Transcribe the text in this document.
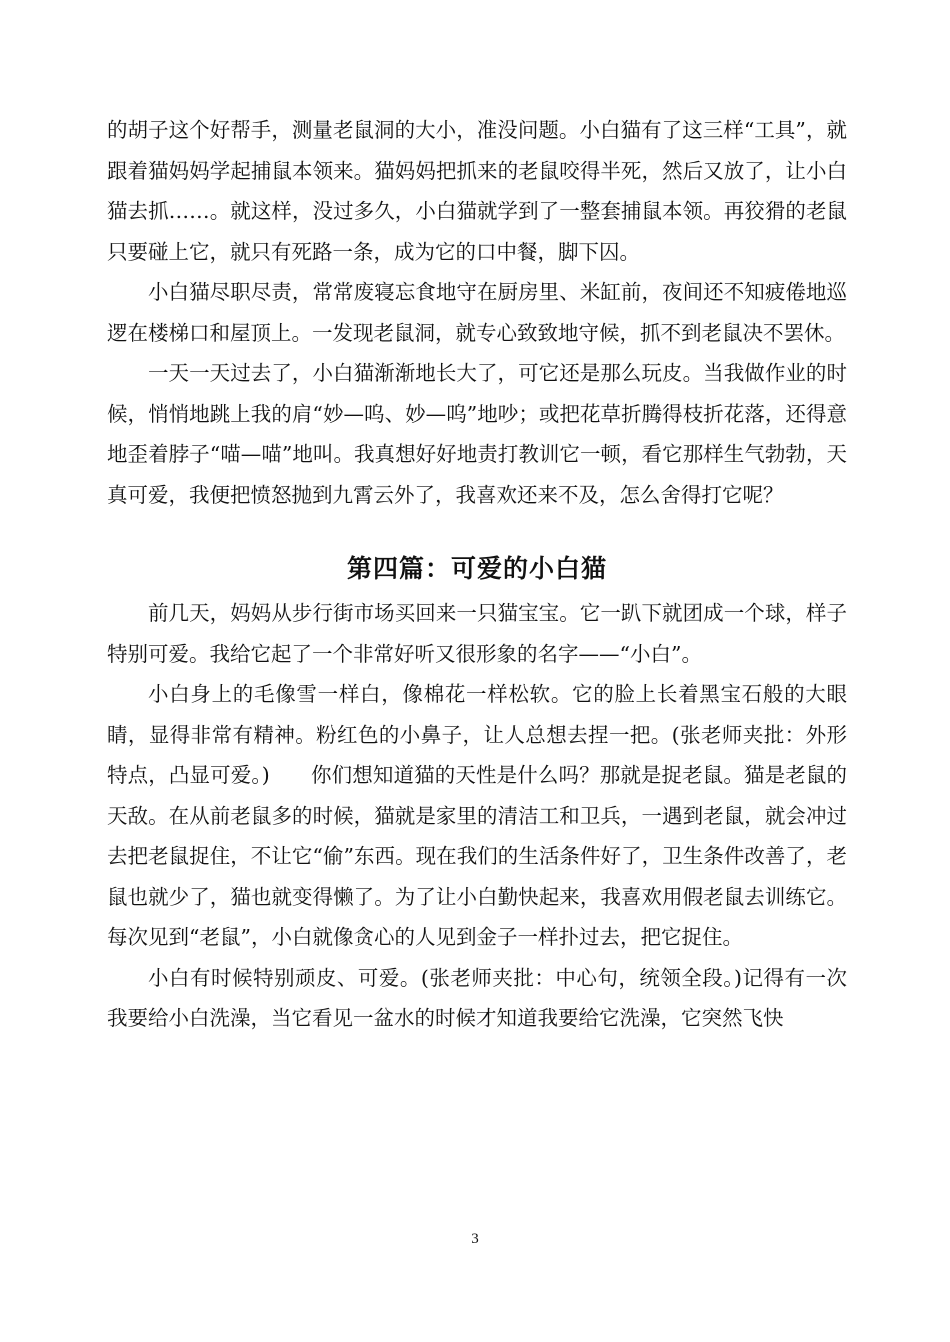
的胡子这个好帮手，测量老鼠洞的大小，准没问题。小白猫有了这三样“工具”，就跟着猫妈妈学起捕鼠本领来。猫妈妈把抓来的老鼠咬得半死，然后又放了，让小白猫去抓……。就这样，没过多久，小白猫就学到了一整套捕鼠本领。再狡猾的老鼠只要碰上它，就只有死路一条，成为它的口中餐，脚下囚。

小白猫尽职尽责，常常废寝忘食地守在厨房里、米缸前，夜间还不知疲倦地巡逻在楼梯口和屋顶上。一发现老鼠洞，就专心致致地守候，抓不到老鼠决不罢休。

一天一天过去了，小白猫渐渐地长大了，可它还是那么玩皮。当我做作业的时候，悄悄地跳上我的肩“妙—呜、妙—呜”地吵；或把花草折腾得枝折花落，还得意地歪着脖子“喵—喵”地叫。我真想好好地责打教训它一顿，看它那样生气勃勃，天真可爱，我便把愤怒抛到九霄云外了，我喜欢还来不及，怎么舍得打它呢？

第四篇：可爱的小白猫

前几天，妈妈从步行街市场买回来一只猫宝宝。它一趴下就团成一个球，样子特别可爱。我给它起了一个非常好听又很形象的名字——“小白”。

小白身上的毛像雪一样白，像棉花一样松软。它的脸上长着黑宝石般的大眼睛，显得非常有精神。粉红色的小鼻子，让人总想去捏一把。(张老师夹批：外形特点，凸显可爱。)　　你们想知道猫的天性是什么吗？那就是捉老鼠。猫是老鼠的天敌。在从前老鼠多的时候，猫就是家里的清洁工和卫兵，一遇到老鼠，就会冲过去把老鼠捉住，不让它“偷”东西。现在我们的生活条件好了，卫生条件改善了，老鼠也就少了，猫也就变得懒了。为了让小白勤快起来，我喜欢用假老鼠去训练它。每次见到“老鼠”，小白就像贪心的人见到金子一样扑过去，把它捉住。

小白有时候特别顽皮、可爱。(张老师夹批：中心句，统领全段。)记得有一次我要给小白洗澡，当它看见一盆水的时候才知道我要给它洗澡，它突然飞快

3
